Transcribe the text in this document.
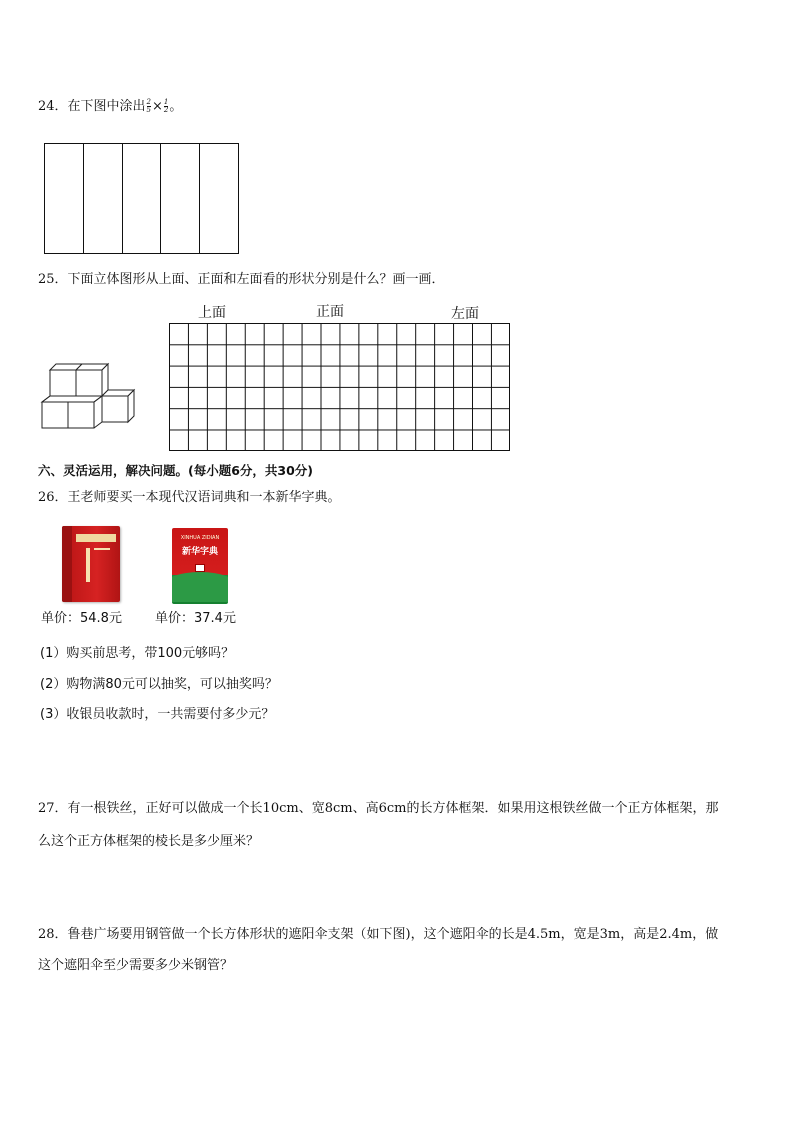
24．在下图中涂出 $\frac{2}{5} \times \frac{1}{2}$ 。
25．下面立体图形从上面、正面和左面看的形状分别是什么？画一画．
上面	正面	左面
六、灵活运用，解决问题。(每小题6分，共30分)
26．王老师要买一本现代汉语词典和一本新华字典。
XINHUA ZIDIAN
新华字典
单价：54.8元	单价：37.4元
(1）购买前思考，带100元够吗？
(2）购物满80元可以抽奖，可以抽奖吗？
(3）收银员收款时，一共需要付多少元？
27．有一根铁丝，正好可以做成一个长10cm、宽8cm、高6cm的长方体框架．如果用这根铁丝做一个正方体框架，那
么这个正方体框架的棱长是多少厘米？
28．鲁巷广场要用钢管做一个长方体形状的遮阳伞支架（如下图)，这个遮阳伞的长是4.5m，宽是3m，高是2.4m，做
这个遮阳伞至少需要多少米钢管？
